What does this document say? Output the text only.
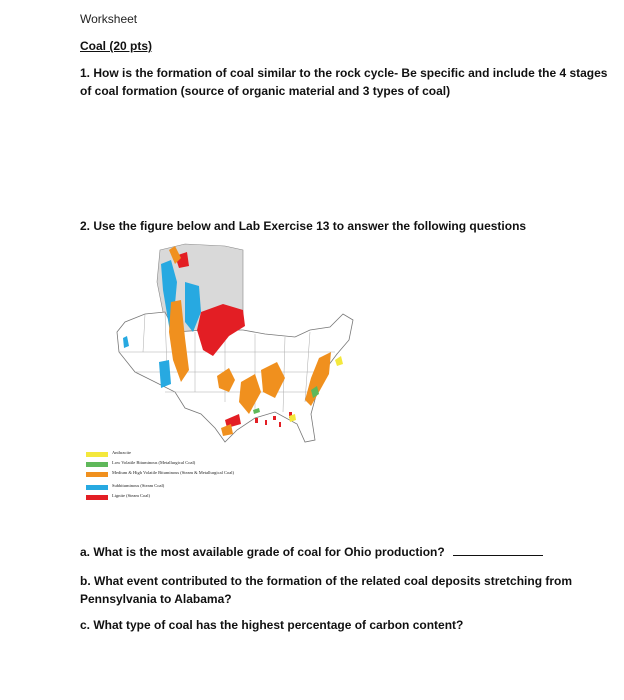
Worksheet
Coal (20 pts)
1. How is the formation of coal similar to the rock cycle- Be specific and include the 4 stages of coal formation (source of organic material and 3 types of coal)
2. Use the figure below and Lab Exercise 13 to answer the following questions
Anthracite
Low Volatile Bituminous (Metallurgical Coal)
Medium & High Volatile Bituminous (Steam & Metallurgical Coal)
Subbituminous (Steam Coal)
Lignite (Steam Coal)
a. What is the most available grade of coal for Ohio production?
b. What event contributed to the formation of the related coal deposits stretching from Pennsylvania to Alabama?
c. What type of coal has the highest percentage of carbon content?
